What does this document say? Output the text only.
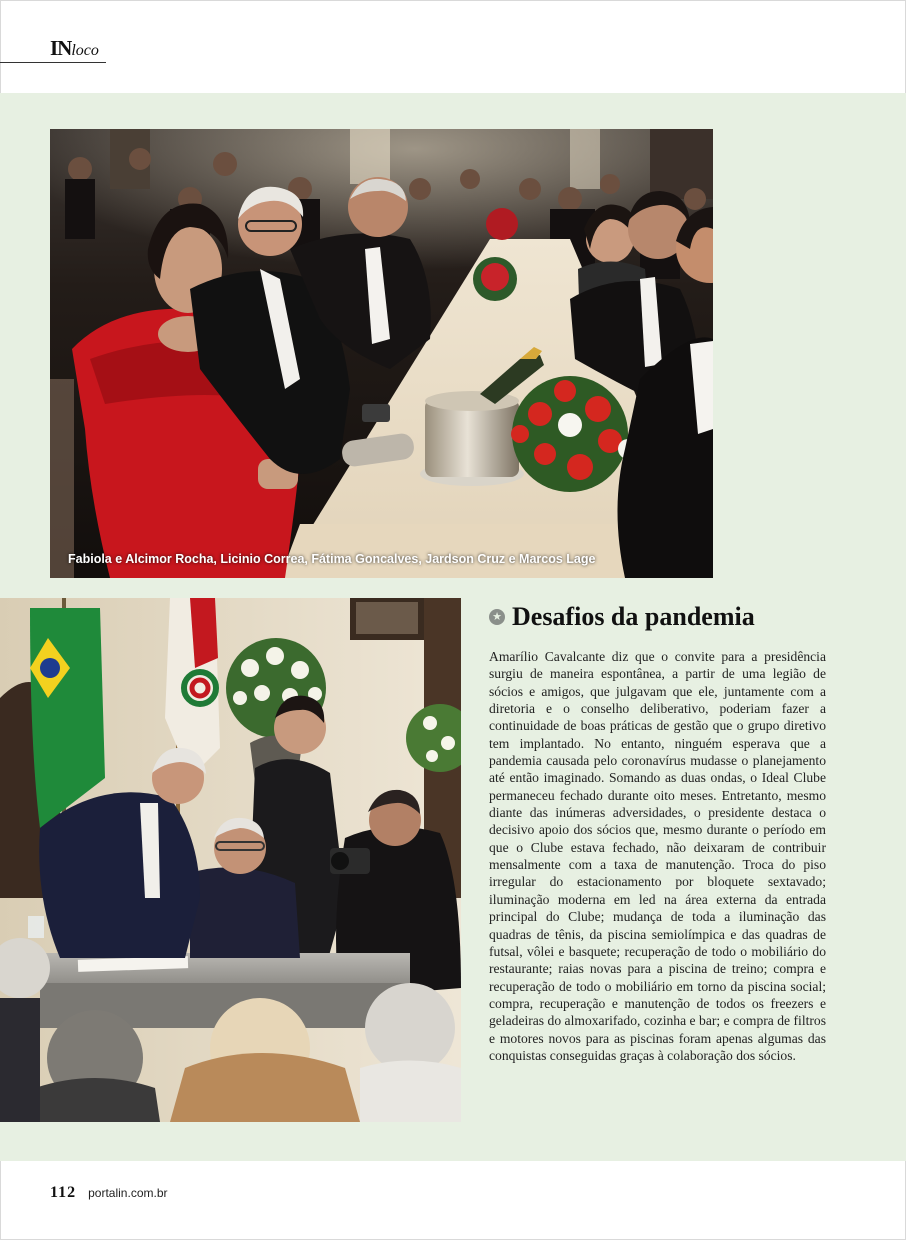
INloco
Fabiola e Alcimor Rocha, Licinio Correa, Fátima Goncalves, Jardson Cruz e Marcos Lage
★ Desafios da pandemia
Amarílio Cavalcante diz que o convite para a presidência surgiu de maneira espontânea, a partir de uma legião de sócios e amigos, que julgavam que ele, juntamente com a diretoria e o conselho deliberativo, poderiam fazer a continuidade de boas práticas de gestão que o grupo diretivo tem implantado. No entanto, ninguém esperava que a pandemia causada pelo coronavírus mudasse o planejamento até então imaginado. Somando as duas ondas, o Ideal Clube permaneceu fechado durante oito meses. Entretanto, mesmo diante das inúmeras adversidades, o presidente destaca o decisivo apoio dos sócios que, mesmo durante o período em que o Clube estava fechado, não deixaram de contribuir mensalmente com a taxa de manutenção. Troca do piso irregular do estacionamento por bloquete sextavado; iluminação moderna em led na área externa da entrada principal do Clube; mudança de toda a iluminação das quadras de tênis, da piscina semiolímpica e das quadras de futsal, vôlei e basquete; recuperação de todo o mobiliário do restaurante; raias novas para a piscina de treino; compra e recuperação de todo o mobiliário em torno da piscina social; compra, recuperação e manutenção de todos os freezers e geladeiras do almoxarifado, cozinha e bar; e compra de filtros e motores novos para as piscinas foram apenas algumas das conquistas conseguidas graças à colaboração dos sócios.
112 portalin.com.br
